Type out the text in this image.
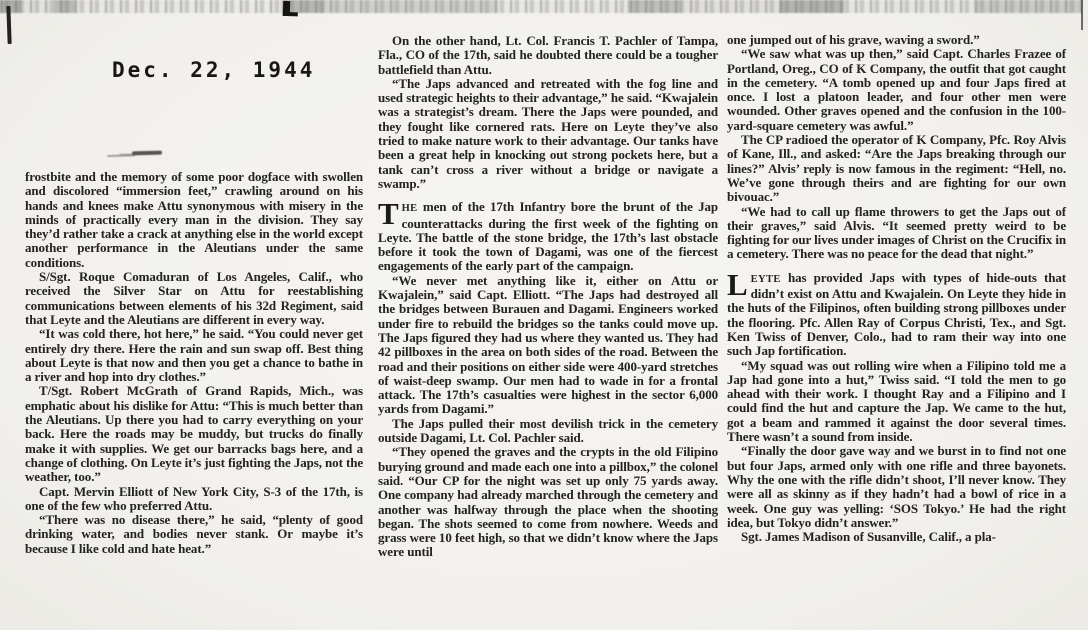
Dec. 22, 1944

frostbite and the memory of some poor dogface with swollen and discolored “immersion feet,” crawling around on his hands and knees make Attu synonymous with misery in the minds of practically every man in the division. They say they’d rather take a crack at anything else in the world except another performance in the Aleutians under the same conditions.

S/Sgt. Roque Comaduran of Los Angeles, Calif., who received the Silver Star on Attu for reestablishing communications between elements of his 32d Regiment, said that Leyte and the Aleutians are different in every way.

“It was cold there, hot here,” he said. “You could never get entirely dry there. Here the rain and sun swap off. Best thing about Leyte is that now and then you get a chance to bathe in a river and hop into dry clothes.”

T/Sgt. Robert McGrath of Grand Rapids, Mich., was emphatic about his dislike for Attu: “This is much better than the Aleutians. Up there you had to carry everything on your back. Here the roads may be muddy, but trucks do finally make it with supplies. We get our barracks bags here, and a change of clothing. On Leyte it’s just fighting the Japs, not the weather, too.”

Capt. Mervin Elliott of New York City, S-3 of the 17th, is one of the few who preferred Attu.

“There was no disease there,” he said, “plenty of good drinking water, and bodies never stank. Or maybe it’s because I like cold and hate heat.”

On the other hand, Lt. Col. Francis T. Pachler of Tampa, Fla., CO of the 17th, said he doubted there could be a tougher battlefield than Attu.

“The Japs advanced and retreated with the fog line and used strategic heights to their advantage,” he said. “Kwajalein was a strategist’s dream. There the Japs were pounded, and they fought like cornered rats. Here on Leyte they’ve also tried to make nature work to their advantage. Our tanks have been a great help in knocking out strong pockets here, but a tank can’t cross a river without a bridge or navigate a swamp.”

THE men of the 17th Infantry bore the brunt of the Jap counterattacks during the first week of the fighting on Leyte. The battle of the stone bridge, the 17th’s last obstacle before it took the town of Dagami, was one of the fiercest engagements of the early part of the campaign.

“We never met anything like it, either on Attu or Kwajalein,” said Capt. Elliott. “The Japs had destroyed all the bridges between Burauen and Dagami. Engineers worked under fire to rebuild the bridges so the tanks could move up. The Japs figured they had us where they wanted us. They had 42 pillboxes in the area on both sides of the road. Between the road and their positions on either side were 400-yard stretches of waist-deep swamp. Our men had to wade in for a frontal attack. The 17th’s casualties were highest in the sector 6,000 yards from Dagami.”

The Japs pulled their most devilish trick in the cemetery outside Dagami, Lt. Col. Pachler said.

“They opened the graves and the crypts in the old Filipino burying ground and made each one into a pillbox,” the colonel said. “Our CP for the night was set up only 75 yards away. One company had already marched through the cemetery and another was halfway through the place when the shooting began. The shots seemed to come from nowhere. Weeds and grass were 10 feet high, so that we didn’t know where the Japs were until

one jumped out of his grave, waving a sword.”

“We saw what was up then,” said Capt. Charles Frazee of Portland, Oreg., CO of K Company, the outfit that got caught in the cemetery. “A tomb opened up and four Japs fired at once. I lost a platoon leader, and four other men were wounded. Other graves opened and the confusion in the 100-yard-square cemetery was awful.”

The CP radioed the operator of K Company, Pfc. Roy Alvis of Kane, Ill., and asked: “Are the Japs breaking through our lines?” Alvis’ reply is now famous in the regiment: “Hell, no. We’ve gone through theirs and are fighting for our own bivouac.”

“We had to call up flame throwers to get the Japs out of their graves,” said Alvis. “It seemed pretty weird to be fighting for our lives under images of Christ on the Crucifix in a cemetery. There was no peace for the dead that night.”

LEYTE has provided Japs with types of hide-outs that didn’t exist on Attu and Kwajalein. On Leyte they hide in the huts of the Filipinos, often building strong pillboxes under the flooring. Pfc. Allen Ray of Corpus Christi, Tex., and Sgt. Ken Twiss of Denver, Colo., had to ram their way into one such Jap fortification.

“My squad was out rolling wire when a Filipino told me a Jap had gone into a hut,” Twiss said. “I told the men to go ahead with their work. I thought Ray and a Filipino and I could find the hut and capture the Jap. We came to the hut, got a beam and rammed it against the door several times. There wasn’t a sound from inside.

“Finally the door gave way and we burst in to find not one but four Japs, armed only with one rifle and three bayonets. Why the one with the rifle didn’t shoot, I’ll never know. They were all as skinny as if they hadn’t had a bowl of rice in a week. One guy was yelling: ‘SOS Tokyo.’ He had the right idea, but Tokyo didn’t answer.”

Sgt. James Madison of Susanville, Calif., a pla-
